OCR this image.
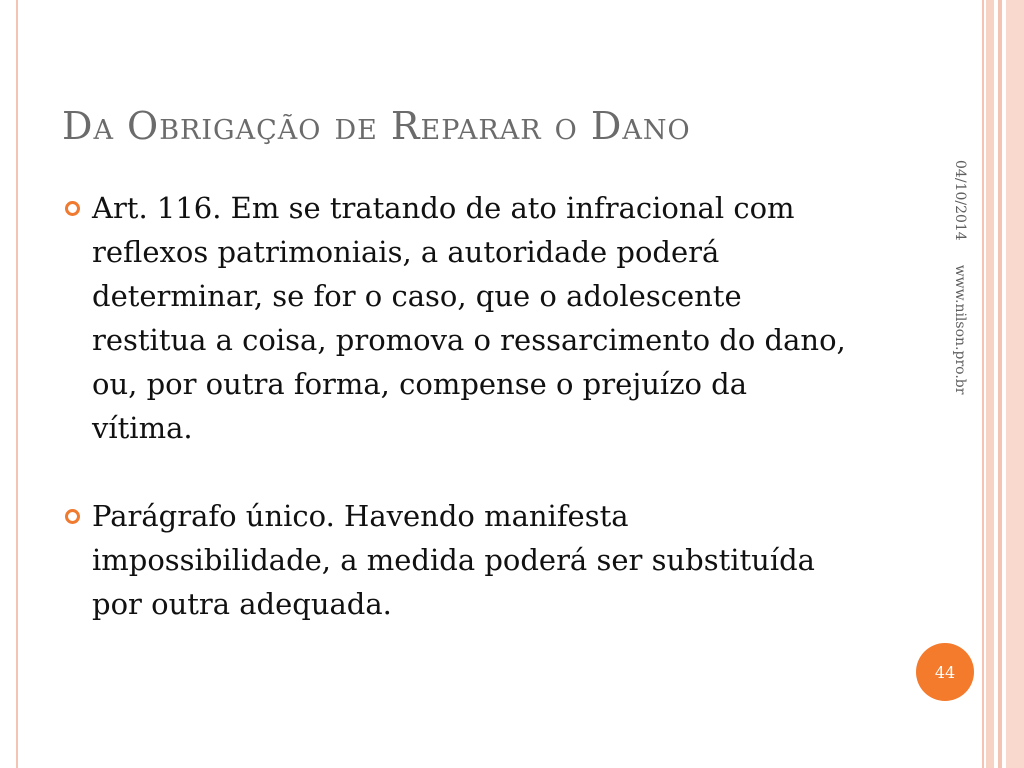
Da Obrigação de Reparar o Dano
Art. 116. Em se tratando de ato infracional com reflexos patrimoniais, a autoridade poderá determinar, se for o caso, que o adolescente restitua a coisa, promova o ressarcimento do dano, ou, por outra forma, compense o prejuízo da vítima.
Parágrafo único. Havendo manifesta impossibilidade, a medida poderá ser substituída por outra adequada.
04/10/2014www.nilson.pro.br
44
